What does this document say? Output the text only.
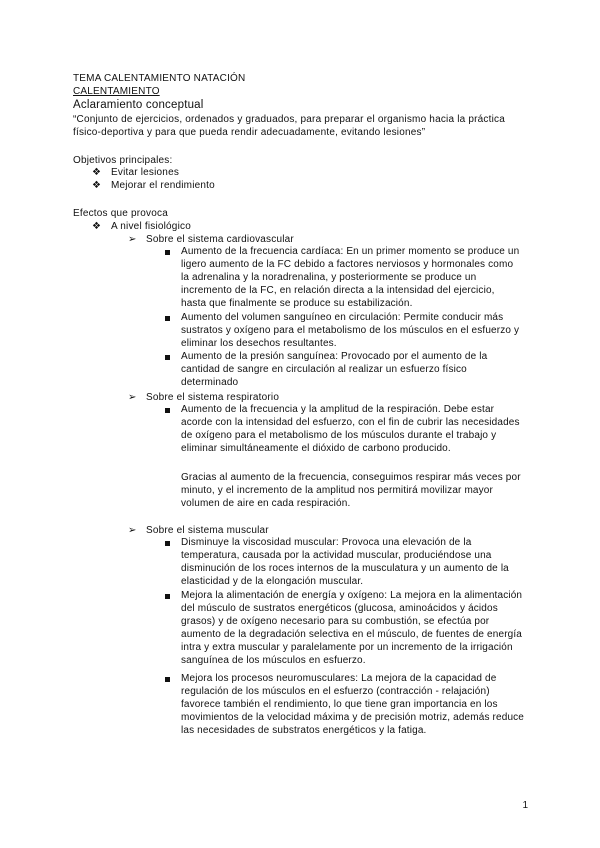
TEMA CALENTAMIENTO NATACIÓN

CALENTAMIENTO

Aclaramiento conceptual

“Conjunto de ejercicios, ordenados y graduados, para preparar el organismo hacia la práctica

físico-deportiva y para que pueda rendir adecuadamente, evitando lesiones”

Objetivos principales:

❖ Evitar lesiones
❖ Mejorar el rendimiento

Efectos que provoca

❖ A nivel fisiológico
➢ Sobre el sistema cardiovascular
Aumento de la frecuencia cardíaca: En un primer momento se produce un ligero aumento de la FC debido a factores nerviosos y hormonales como la adrenalina y la noradrenalina, y posteriormente se produce un incremento de la FC, en relación directa a la intensidad del ejercicio, hasta que finalmente se produce su estabilización.
Aumento del volumen sanguíneo en circulación: Permite conducir más sustratos y oxígeno para el metabolismo de los músculos en el esfuerzo y eliminar los desechos resultantes.
Aumento de la presión sanguínea: Provocado por el aumento de la cantidad de sangre en circulación al realizar un esfuerzo físico determinado
➢ Sobre el sistema respiratorio
Aumento de la frecuencia y la amplitud de la respiración. Debe estar acorde con la intensidad del esfuerzo, con el fin de cubrir las necesidades de oxígeno para el metabolismo de los músculos durante el trabajo y eliminar simultáneamente el dióxido de carbono producido.
Gracias al aumento de la frecuencia, conseguimos respirar más veces por minuto, y el incremento de la amplitud nos permitirá movilizar mayor volumen de aire en cada respiración.
➢ Sobre el sistema muscular
Disminuye la viscosidad muscular: Provoca una elevación de la temperatura, causada por la actividad muscular, produciéndose una disminución de los roces internos de la musculatura y un aumento de la elasticidad y de la elongación muscular.
Mejora la alimentación de energía y oxígeno: La mejora en la alimentación del músculo de sustratos energéticos (glucosa, aminoácidos y ácidos grasos) y de oxígeno necesario para su combustión, se efectúa por aumento de la degradación selectiva en el músculo, de fuentes de energía intra y extra muscular y paralelamente por un incremento de la irrigación sanguínea de los músculos en esfuerzo.
Mejora los procesos neuromusculares: La mejora de la capacidad de regulación de los músculos en el esfuerzo (contracción - relajación) favorece también el rendimiento, lo que tiene gran importancia en los movimientos de la velocidad máxima y de precisión motriz, además reduce las necesidades de substratos energéticos y la fatiga.
1
